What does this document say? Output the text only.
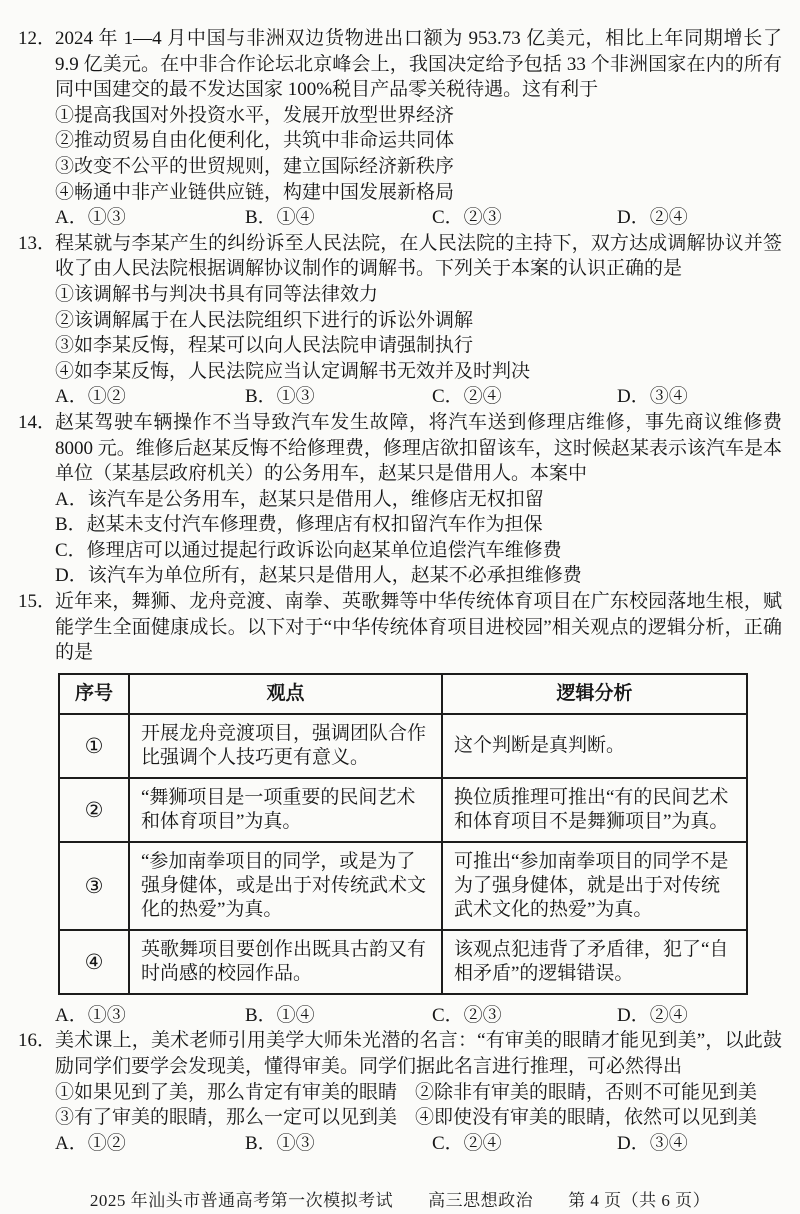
12．
2024 年 1—4 月中国与非洲双边货物进出口额为 953.73 亿美元，相比上年同期增长了 9.9 亿美元。在中非合作论坛北京峰会上，我国决定给予包括 33 个非洲国家在内的所有同中国建交的最不发达国家 100%税目产品零关税待遇。这有利于
①提高我国对外投资水平，发展开放型世界经济
②推动贸易自由化便利化，共筑中非命运共同体
③改变不公平的世贸规则，建立国际经济新秩序
④畅通中非产业链供应链，构建中国发展新格局
A．①③	B．①④	C．②③	D．②④
13．
程某就与李某产生的纠纷诉至人民法院，在人民法院的主持下，双方达成调解协议并签收了由人民法院根据调解协议制作的调解书。下列关于本案的认识正确的是
①该调解书与判决书具有同等法律效力
②该调解属于在人民法院组织下进行的诉讼外调解
③如李某反悔，程某可以向人民法院申请强制执行
④如李某反悔，人民法院应当认定调解书无效并及时判决
A．①②	B．①③	C．②④	D．③④
14．
赵某驾驶车辆操作不当导致汽车发生故障，将汽车送到修理店维修，事先商议维修费 8000 元。维修后赵某反悔不给修理费，修理店欲扣留该车，这时候赵某表示该汽车是本单位（某基层政府机关）的公务用车，赵某只是借用人。本案中
A．该汽车是公务用车，赵某只是借用人，维修店无权扣留
B．赵某未支付汽车修理费，修理店有权扣留汽车作为担保
C．修理店可以通过提起行政诉讼向赵某单位追偿汽车维修费
D．该汽车为单位所有，赵某只是借用人，赵某不必承担维修费
15．
近年来，舞狮、龙舟竞渡、南拳、英歌舞等中华传统体育项目在广东校园落地生根，赋能学生全面健康成长。以下对于“中华传统体育项目进校园”相关观点的逻辑分析，正确的是
序号	观点	逻辑分析
①	开展龙舟竞渡项目，强调团队合作比强调个人技巧更有意义。	这个判断是真判断。
②	“舞狮项目是一项重要的民间艺术和体育项目”为真。	换位质推理可推出“有的民间艺术和体育项目不是舞狮项目”为真。
③	“参加南拳项目的同学，或是为了强身健体，或是出于对传统武术文化的热爱”为真。	可推出“参加南拳项目的同学不是为了强身健体，就是出于对传统武术文化的热爱”为真。
④	英歌舞项目要创作出既具古韵又有时尚感的校园作品。	该观点犯违背了矛盾律，犯了“自相矛盾”的逻辑错误。
A．①③	B．①④	C．②③	D．②④
16．
美术课上，美术老师引用美学大师朱光潜的名言：“有审美的眼睛才能见到美”，以此鼓励同学们要学会发现美，懂得审美。同学们据此名言进行推理，可必然得出
①如果见到了美，那么肯定有审美的眼睛 ②除非有审美的眼睛，否则不可能见到美
③有了审美的眼睛，那么一定可以见到美 ④即使没有审美的眼睛，依然可以见到美
A．①②	B．①③	C．②④	D．③④
2025 年汕头市普通高考第一次模拟考试　　高三思想政治　　第 4 页（共 6 页）
